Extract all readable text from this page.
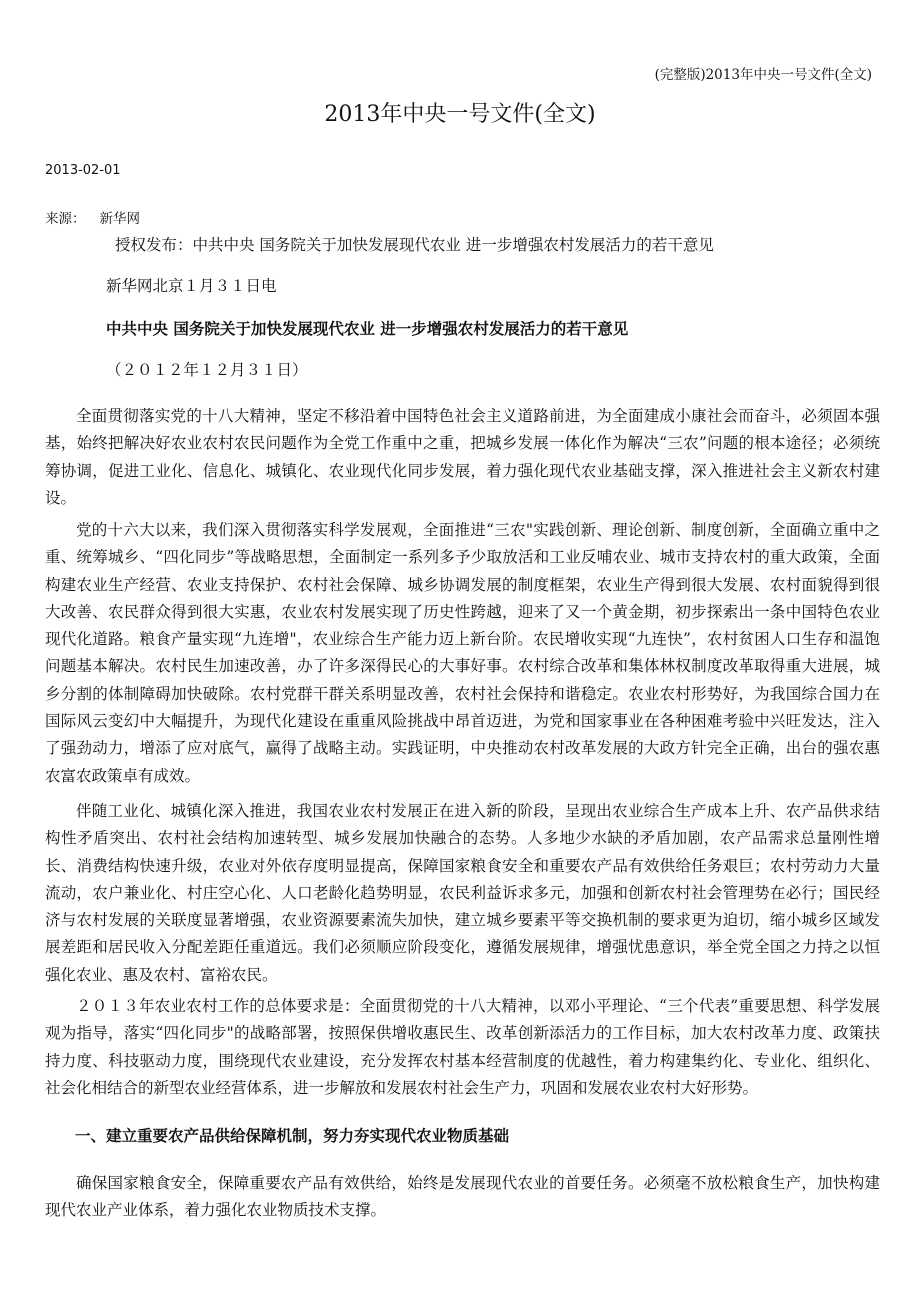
(完整版)2013年中央一号文件(全文)
2013年中央一号文件(全文)
2013-02-01
来源： 新华网
授权发布：中共中央 国务院关于加快发展现代农业 进一步增强农村发展活力的若干意见
新华网北京１月３１日电
中共中央 国务院关于加快发展现代农业 进一步增强农村发展活力的若干意见
（２０１２年１２月３１日）
全面贯彻落实党的十八大精神，坚定不移沿着中国特色社会主义道路前进，为全面建成小康社会而奋斗，必须固本强基，始终把解决好农业农村农民问题作为全党工作重中之重，把城乡发展一体化作为解决“三农”问题的根本途径；必须统筹协调，促进工业化、信息化、城镇化、农业现代化同步发展，着力强化现代农业基础支撑，深入推进社会主义新农村建设。
党的十六大以来，我们深入贯彻落实科学发展观，全面推进“三农"实践创新、理论创新、制度创新，全面确立重中之重、统筹城乡、“四化同步”等战略思想，全面制定一系列多予少取放活和工业反哺农业、城市支持农村的重大政策，全面构建农业生产经营、农业支持保护、农村社会保障、城乡协调发展的制度框架，农业生产得到很大发展、农村面貌得到很大改善、农民群众得到很大实惠，农业农村发展实现了历史性跨越，迎来了又一个黄金期，初步探索出一条中国特色农业现代化道路。粮食产量实现“九连增"，农业综合生产能力迈上新台阶。农民增收实现“九连快”，农村贫困人口生存和温饱问题基本解决。农村民生加速改善，办了许多深得民心的大事好事。农村综合改革和集体林权制度改革取得重大进展，城乡分割的体制障碍加快破除。农村党群干群关系明显改善，农村社会保持和谐稳定。农业农村形势好，为我国综合国力在国际风云变幻中大幅提升，为现代化建设在重重风险挑战中昂首迈进，为党和国家事业在各种困难考验中兴旺发达，注入了强劲动力，增添了应对底气，赢得了战略主动。实践证明，中央推动农村改革发展的大政方针完全正确，出台的强农惠农富农政策卓有成效。
伴随工业化、城镇化深入推进，我国农业农村发展正在进入新的阶段，呈现出农业综合生产成本上升、农产品供求结构性矛盾突出、农村社会结构加速转型、城乡发展加快融合的态势。人多地少水缺的矛盾加剧，农产品需求总量刚性增长、消费结构快速升级，农业对外依存度明显提高，保障国家粮食安全和重要农产品有效供给任务艰巨；农村劳动力大量流动，农户兼业化、村庄空心化、人口老龄化趋势明显，农民利益诉求多元，加强和创新农村社会管理势在必行；国民经济与农村发展的关联度显著增强，农业资源要素流失加快，建立城乡要素平等交换机制的要求更为迫切，缩小城乡区域发展差距和居民收入分配差距任重道远。我们必须顺应阶段变化，遵循发展规律，增强忧患意识，举全党全国之力持之以恒强化农业、惠及农村、富裕农民。
２０１３年农业农村工作的总体要求是：全面贯彻党的十八大精神，以邓小平理论、“三个代表”重要思想、科学发展观为指导，落实“四化同步"的战略部署，按照保供增收惠民生、改革创新添活力的工作目标，加大农村改革力度、政策扶持力度、科技驱动力度，围绕现代农业建设，充分发挥农村基本经营制度的优越性，着力构建集约化、专业化、组织化、社会化相结合的新型农业经营体系，进一步解放和发展农村社会生产力，巩固和发展农业农村大好形势。
一、建立重要农产品供给保障机制，努力夯实现代农业物质基础
确保国家粮食安全，保障重要农产品有效供给，始终是发展现代农业的首要任务。必须毫不放松粮食生产，加快构建现代农业产业体系，着力强化农业物质技术支撑。
